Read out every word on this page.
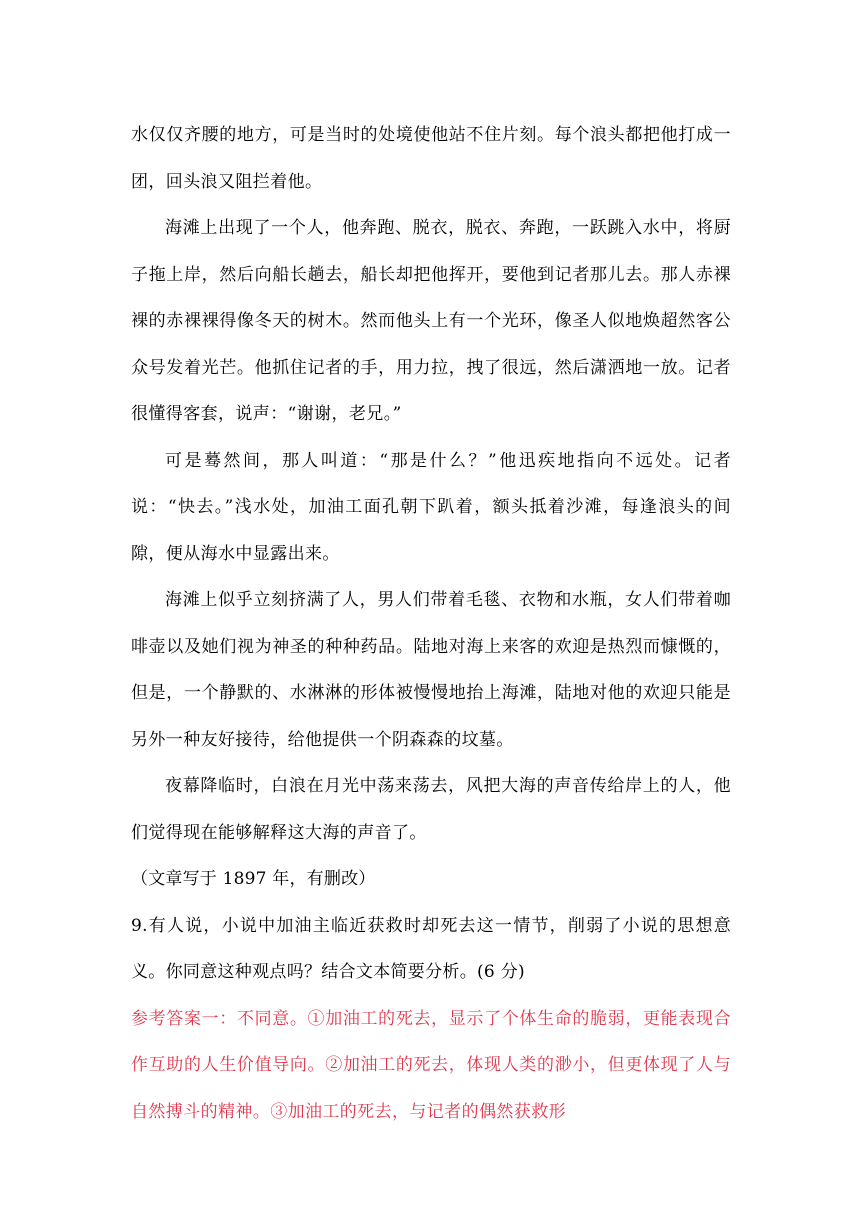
水仅仅齐腰的地方，可是当时的处境使他站不住片刻。每个浪头都把他打成一团，回头浪又阻拦着他。

海滩上出现了一个人，他奔跑、脱衣，脱衣、奔跑，一跃跳入水中，将厨子拖上岸，然后向船长趟去，船长却把他挥开，要他到记者那儿去。那人赤裸裸的赤裸裸得像冬天的树木。然而他头上有一个光环，像圣人似地焕超然客公众号发着光芒。他抓住记者的手，用力拉，拽了很远，然后潇洒地一放。记者很懂得客套，说声：“谢谢，老兄。”

可是蓦然间，那人叫道：“那是什么？”他迅疾地指向不远处。记者说：“快去。”浅水处，加油工面孔朝下趴着，额头抵着沙滩，每逢浪头的间隙，便从海水中显露出来。

海滩上似乎立刻挤满了人，男人们带着毛毯、衣物和水瓶，女人们带着咖啡壶以及她们视为神圣的种种药品。陆地对海上来客的欢迎是热烈而慷慨的，但是，一个静默的、水淋淋的形体被慢慢地抬上海滩，陆地对他的欢迎只能是另外一种友好接待，给他提供一个阴森森的坟墓。

夜幕降临时，白浪在月光中荡来荡去，风把大海的声音传给岸上的人，他们觉得现在能够解释这大海的声音了。

（文章写于 1897 年，有删改）

9.有人说，小说中加油主临近获救时却死去这一情节，削弱了小说的思想意义。你同意这种观点吗？结合文本简要分析。(6 分)

参考答案一：不同意。①加油工的死去，显示了个体生命的脆弱，更能表现合作互助的人生价值导向。②加油工的死去，体现人类的渺小，但更体现了人与自然搏斗的精神。③加油工的死去，与记者的偶然获救形
